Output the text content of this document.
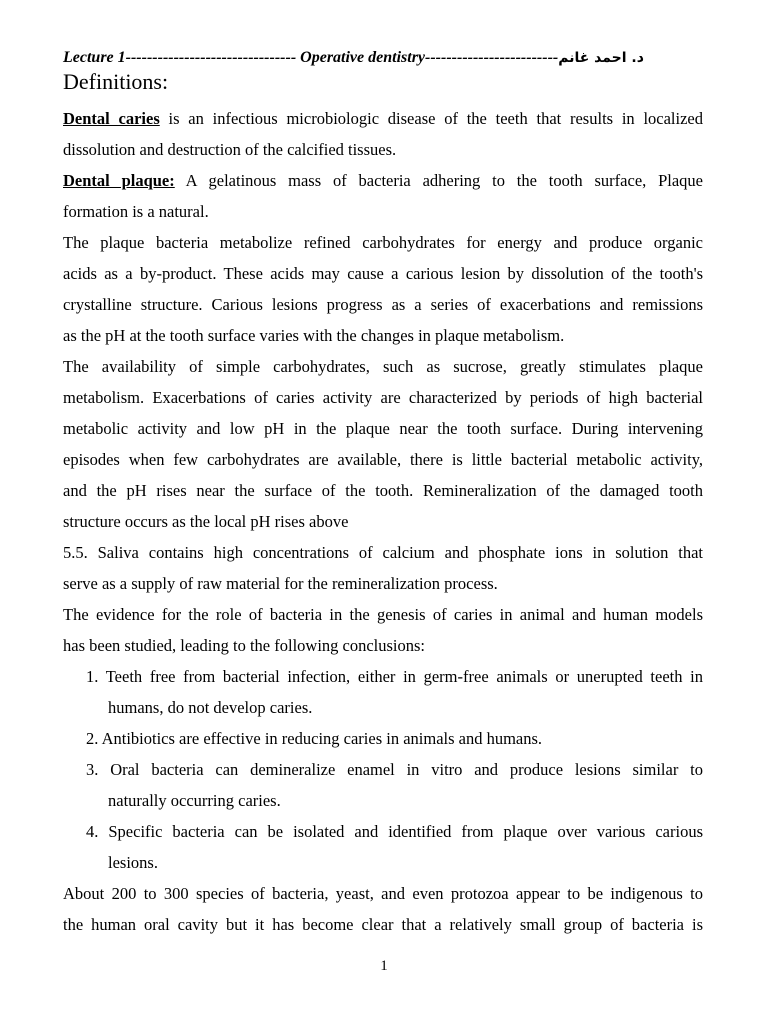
Lecture 1-------------------------------- Operative dentistry-------------------------د. احمد غانم
Definitions:
Dental caries is an infectious microbiologic disease of the teeth that results in localized
dissolution and destruction of the calcified tissues.
Dental plaque: A gelatinous mass of bacteria adhering to the tooth surface, Plaque
formation is a natural.
The plaque bacteria metabolize refined carbohydrates for energy and produce organic
acids as a by-product. These acids may cause a carious lesion by dissolution of the tooth's
crystalline structure. Carious lesions progress as a series of exacerbations and remissions
as the pH at the tooth surface varies with the changes in plaque metabolism.
The availability of simple carbohydrates, such as sucrose, greatly stimulates plaque
metabolism. Exacerbations of caries activity are characterized by periods of high bacterial
metabolic activity and low pH in the plaque near the tooth surface. During intervening
episodes when few carbohydrates are available, there is little bacterial metabolic activity,
and the pH rises near the surface of the tooth. Remineralization of the damaged tooth
structure occurs as the local pH rises above
5.5. Saliva contains high concentrations of calcium and phosphate ions in solution that
serve as a supply of raw material for the remineralization process.
The evidence for the role of bacteria in the genesis of caries in animal and human models
has been studied, leading to the following conclusions:
1. Teeth free from bacterial infection, either in germ-free animals or unerupted teeth in
humans, do not develop caries.
2. Antibiotics are effective in reducing caries in animals and humans.
3. Oral bacteria can demineralize enamel in vitro and produce lesions similar to
naturally occurring caries.
4. Specific bacteria can be isolated and identified from plaque over various carious
lesions.
About 200 to 300 species of bacteria, yeast, and even protozoa appear to be indigenous to
the human oral cavity but it has become clear that a relatively small group of bacteria is
1
